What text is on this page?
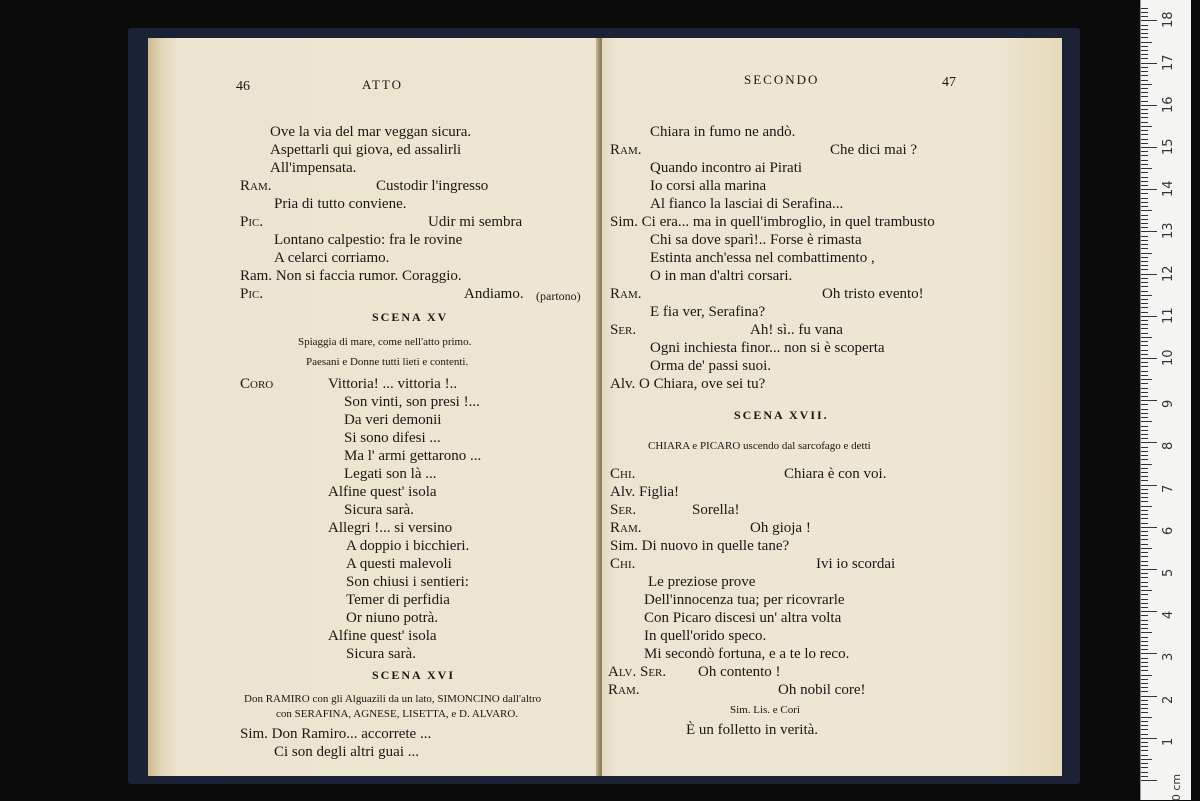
46	ATTO
Ove la via del mar veggan sicura.
Aspettarli qui giova, ed assalirli
All'impensata.
Ram.	Custodir l'ingresso
Pria di tutto conviene.
Pic.	Udir mi sembra
Lontano calpestio: fra le rovine
A celarci corriamo.
Ram. Non si faccia rumor. Coraggio.
Pic.	Andiamo. (partono)
SCENA XV
Spiaggia di mare, come nell'atto primo.
Paesani e Donne tutti lieti e contenti.
Coro	Vittoria! ... vittoria !..
Son vinti, son presi !...
Da veri demonii
Si sono difesi ...
Ma l' armi gettarono ...
Legati son là ...
Alfine quest' isola
Sicura sarà.
Allegri !... si versino
A doppio i bicchieri.
A questi malevoli
Son chiusi i sentieri:
Temer di perfidia
Or niuno potrà.
Alfine quest' isola
Sicura sarà.
SCENA XVI
Don RAMIRO con gli Alguazili da un lato, SIMONCINO dall'altro
con SERAFINA, AGNESE, LISETTA, e D. ALVARO.
Sim. Don Ramiro... accorrete ...
Ci son degli altri guai ...
SECONDO	47
Chiara in fumo ne andò.
Ram.	Che dici mai ?
Quando incontro ai Pirati
Io corsi alla marina
Al fianco la lasciai di Serafina...
Sim. Ci era... ma in quell'imbroglio, in quel trambusto
Chi sa dove sparì!.. Forse è rimasta
Estinta anch'essa nel combattimento ,
O in man d'altri corsari.
Ram.	Oh tristo evento!
E fia ver, Serafina?
Ser.	Ah! sì.. fu vana
Ogni inchiesta finor... non si è scoperta
Orma de' passi suoi.
Alv. O Chiara, ove sei tu?
SCENA XVII.
CHIARA e PICARO uscendo dal sarcofago e detti
Chi.	Chiara è con voi.
Alv. Figlia!
Ser.	Sorella!
Ram.	Oh gioja !
Sim. Di nuovo in quelle tane?
Chi.	Ivi io scordai
Le preziose prove
Dell'innocenza tua; per ricovrarle
Con Picaro discesi un' altra volta
In quell'orido speco.
Mi secondò fortuna, e a te lo reco.
Alv. Ser. Oh contento !
Ram.	Oh nobil core!
Sim. Lis. e Cori
È un folletto in verità.
1
2
3
4
5
6
7
8
9
10
11
12
13
14
15
16
17
18
0 cm
